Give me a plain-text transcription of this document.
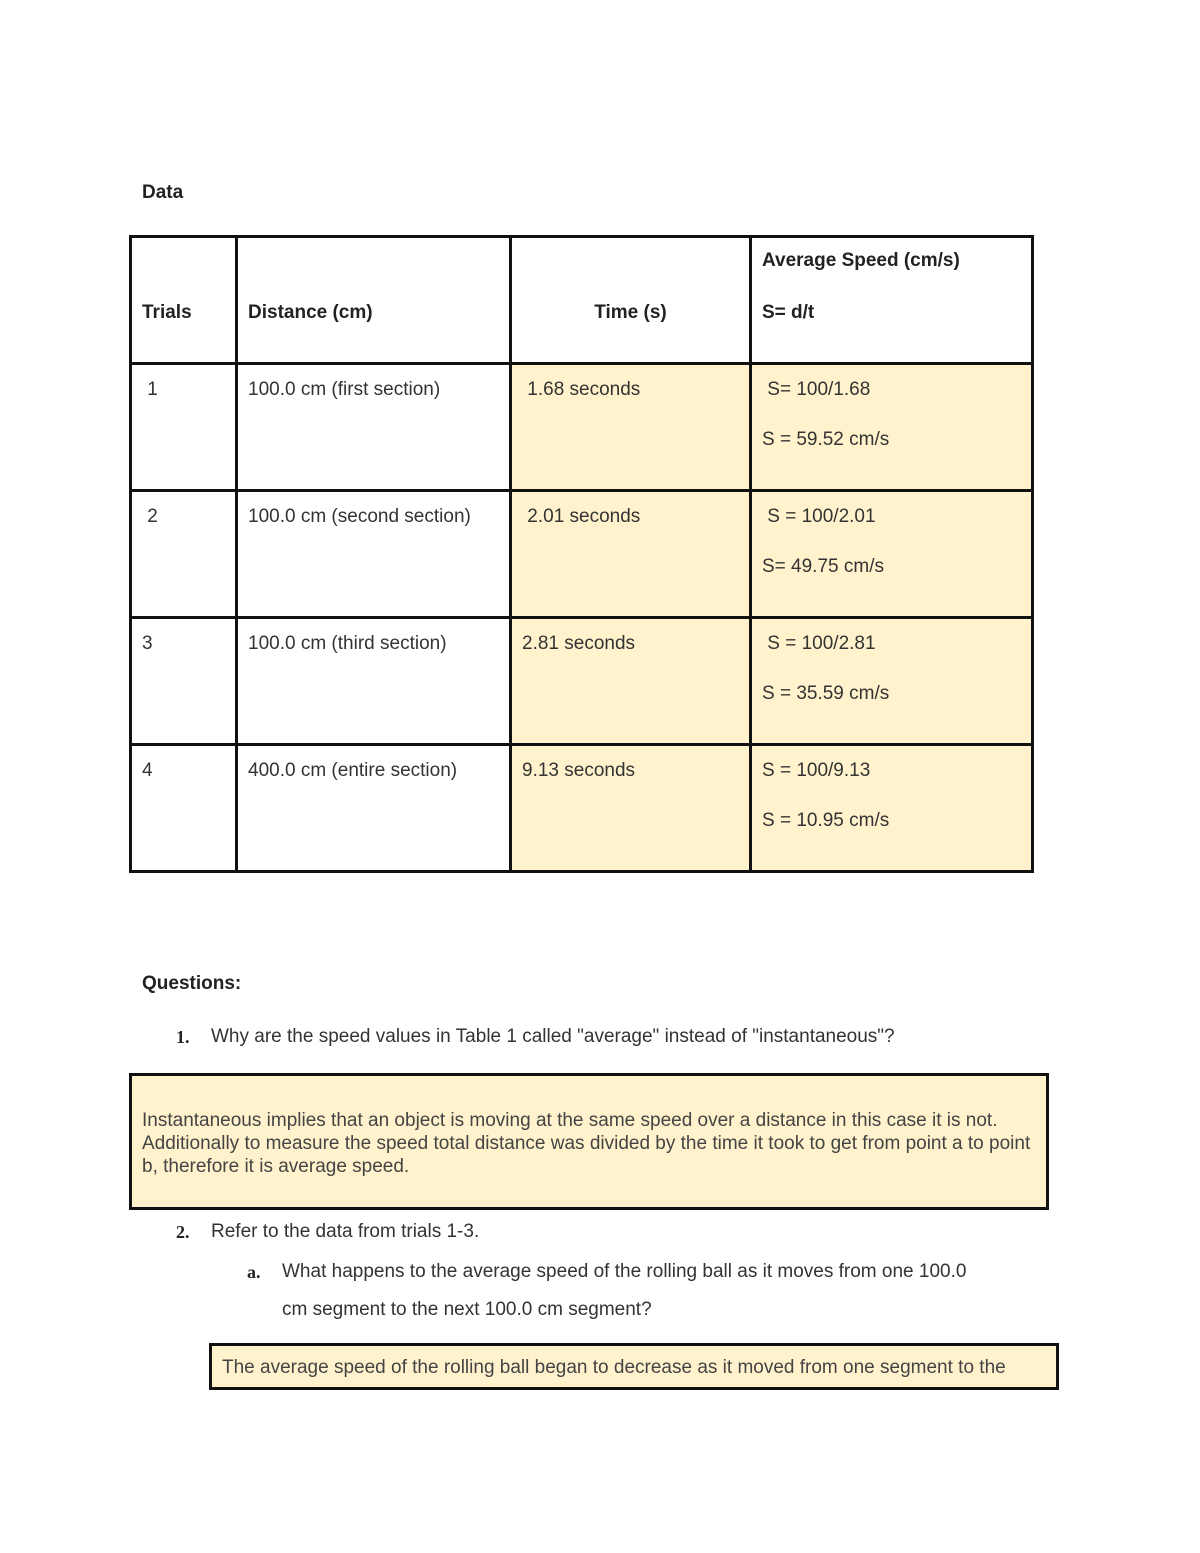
Data
Trials	Distance (cm)	Time (s)	Average Speed (cm/s)
S= d/t

1	100.0 cm (first section)	1.68 seconds	S= 100/1.68
S = 59.52 cm/s

2	100.0 cm (second section)	2.01 seconds	S = 100/2.01
S= 49.75 cm/s

3	100.0 cm (third section)	2.81 seconds	S = 100/2.81
S = 35.59 cm/s

4	400.0 cm (entire section)	9.13 seconds	S = 100/9.13
S = 10.95 cm/s
Questions:
1. Why are the speed values in Table 1 called "average" instead of "instantaneous"?
Instantaneous implies that an object is moving at the same speed over a distance in this case it is not. Additionally to measure the speed total distance was divided by the time it took to get from point a to point b, therefore it is average speed.
2. Refer to the data from trials 1-3.
a. What happens to the average speed of the rolling ball as it moves from one 100.0
cm segment to the next 100.0 cm segment?
The average speed of the rolling ball began to decrease as it moved from one segment to the
